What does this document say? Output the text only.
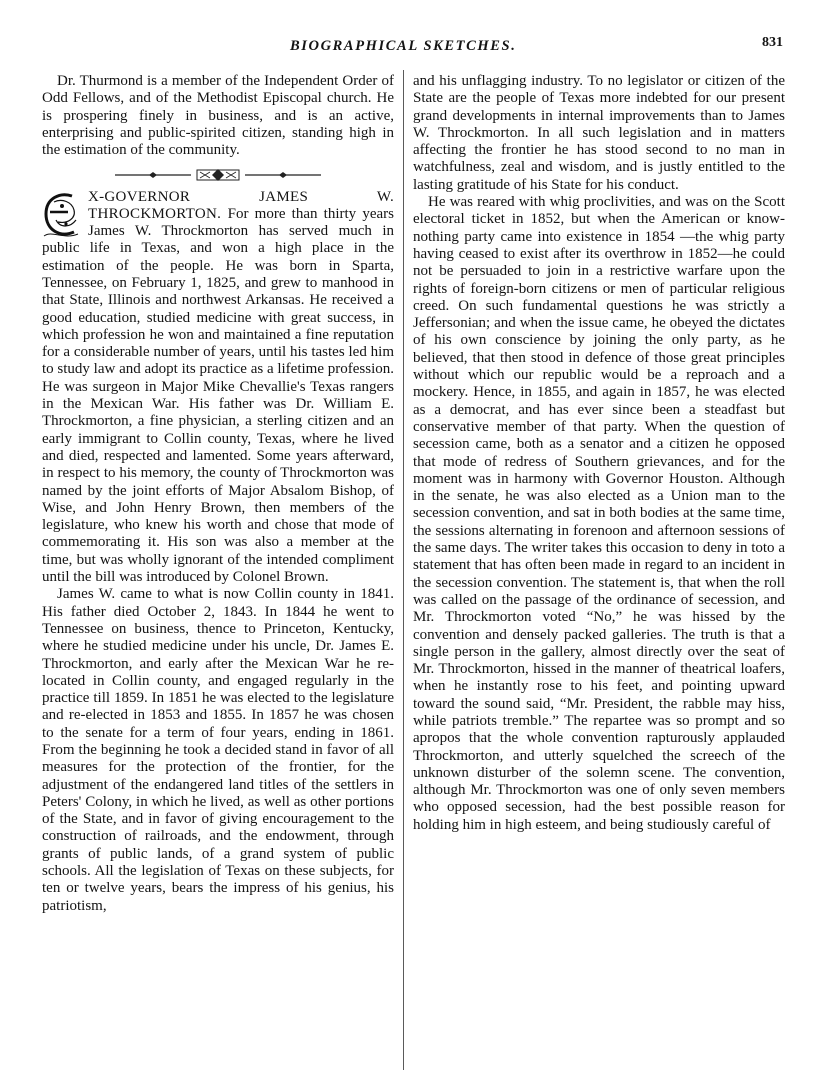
BIOGRAPHICAL SKETCHES.	831

Dr. Thurmond is a member of the Independent Order of Odd Fellows, and of the Methodist Episcopal church. He is prospering finely in business, and is an active, enterprising and public-spirited citizen, standing high in the estimation of the community.

X-GOVERNOR JAMES W. THROCKMORTON. For more than thirty years James W. Throckmorton has served much in public life in Texas, and won a high place in the estimation of the people. He was born in Sparta, Tennessee, on February 1, 1825, and grew to manhood in that State, Illinois and northwest Arkansas. He received a good education, studied medicine with great success, in which profession he won and maintained a fine reputation for a considerable number of years, until his tastes led him to study law and adopt its practice as a lifetime profession. He was surgeon in Major Mike Chevallie's Texas rangers in the Mexican War. His father was Dr. William E. Throckmorton, a fine physician, a sterling citizen and an early immigrant to Collin county, Texas, where he lived and died, respected and lamented. Some years afterward, in respect to his memory, the county of Throckmorton was named by the joint efforts of Major Absalom Bishop, of Wise, and John Henry Brown, then members of the legislature, who knew his worth and chose that mode of commemorating it. His son was also a member at the time, but was wholly ignorant of the intended compliment until the bill was introduced by Colonel Brown.

James W. came to what is now Collin county in 1841. His father died October 2, 1843. In 1844 he went to Tennessee on business, thence to Princeton, Kentucky, where he studied medicine under his uncle, Dr. James E. Throckmorton, and early after the Mexican War he re-located in Collin county, and engaged regularly in the practice till 1859. In 1851 he was elected to the legislature and re-elected in 1853 and 1855. In 1857 he was chosen to the senate for a term of four years, ending in 1861. From the beginning he took a decided stand in favor of all measures for the protection of the frontier, for the adjustment of the endangered land titles of the settlers in Peters' Colony, in which he lived, as well as other portions of the State, and in favor of giving encouragement to the construction of railroads, and the endowment, through grants of public lands, of a grand system of public schools. All the legislation of Texas on these subjects, for ten or twelve years, bears the impress of his genius, his patriotism,

and his unflagging industry. To no legislator or citizen of the State are the people of Texas more indebted for our present grand developments in internal improvements than to James W. Throckmorton. In all such legislation and in matters affecting the frontier he has stood second to no man in watchfulness, zeal and wisdom, and is justly entitled to the lasting gratitude of his State for his conduct.

He was reared with whig proclivities, and was on the Scott electoral ticket in 1852, but when the American or know-nothing party came into existence in 1854 —the whig party having ceased to exist after its overthrow in 1852—he could not be persuaded to join in a restrictive warfare upon the rights of foreign-born citizens or men of particular religious creed. On such fundamental questions he was strictly a Jeffersonian; and when the issue came, he obeyed the dictates of his own conscience by joining the only party, as he believed, that then stood in defence of those great principles without which our republic would be a reproach and a mockery. Hence, in 1855, and again in 1857, he was elected as a democrat, and has ever since been a steadfast but conservative member of that party. When the question of secession came, both as a senator and a citizen he opposed that mode of redress of Southern grievances, and for the moment was in harmony with Governor Houston. Although in the senate, he was also elected as a Union man to the secession convention, and sat in both bodies at the same time, the sessions alternating in forenoon and afternoon sessions of the same days. The writer takes this occasion to deny in toto a statement that has often been made in regard to an incident in the secession convention. The statement is, that when the roll was called on the passage of the ordinance of secession, and Mr. Throckmorton voted “No,” he was hissed by the convention and densely packed galleries. The truth is that a single person in the gallery, almost directly over the seat of Mr. Throckmorton, hissed in the manner of theatrical loafers, when he instantly rose to his feet, and pointing upward toward the sound said, “Mr. President, the rabble may hiss, while patriots tremble.” The repartee was so prompt and so apropos that the whole convention rapturously applauded Throckmorton, and utterly squelched the screech of the unknown disturber of the solemn scene. The convention, although Mr. Throckmorton was one of only seven members who opposed secession, had the best possible reason for holding him in high esteem, and being studiously careful of
